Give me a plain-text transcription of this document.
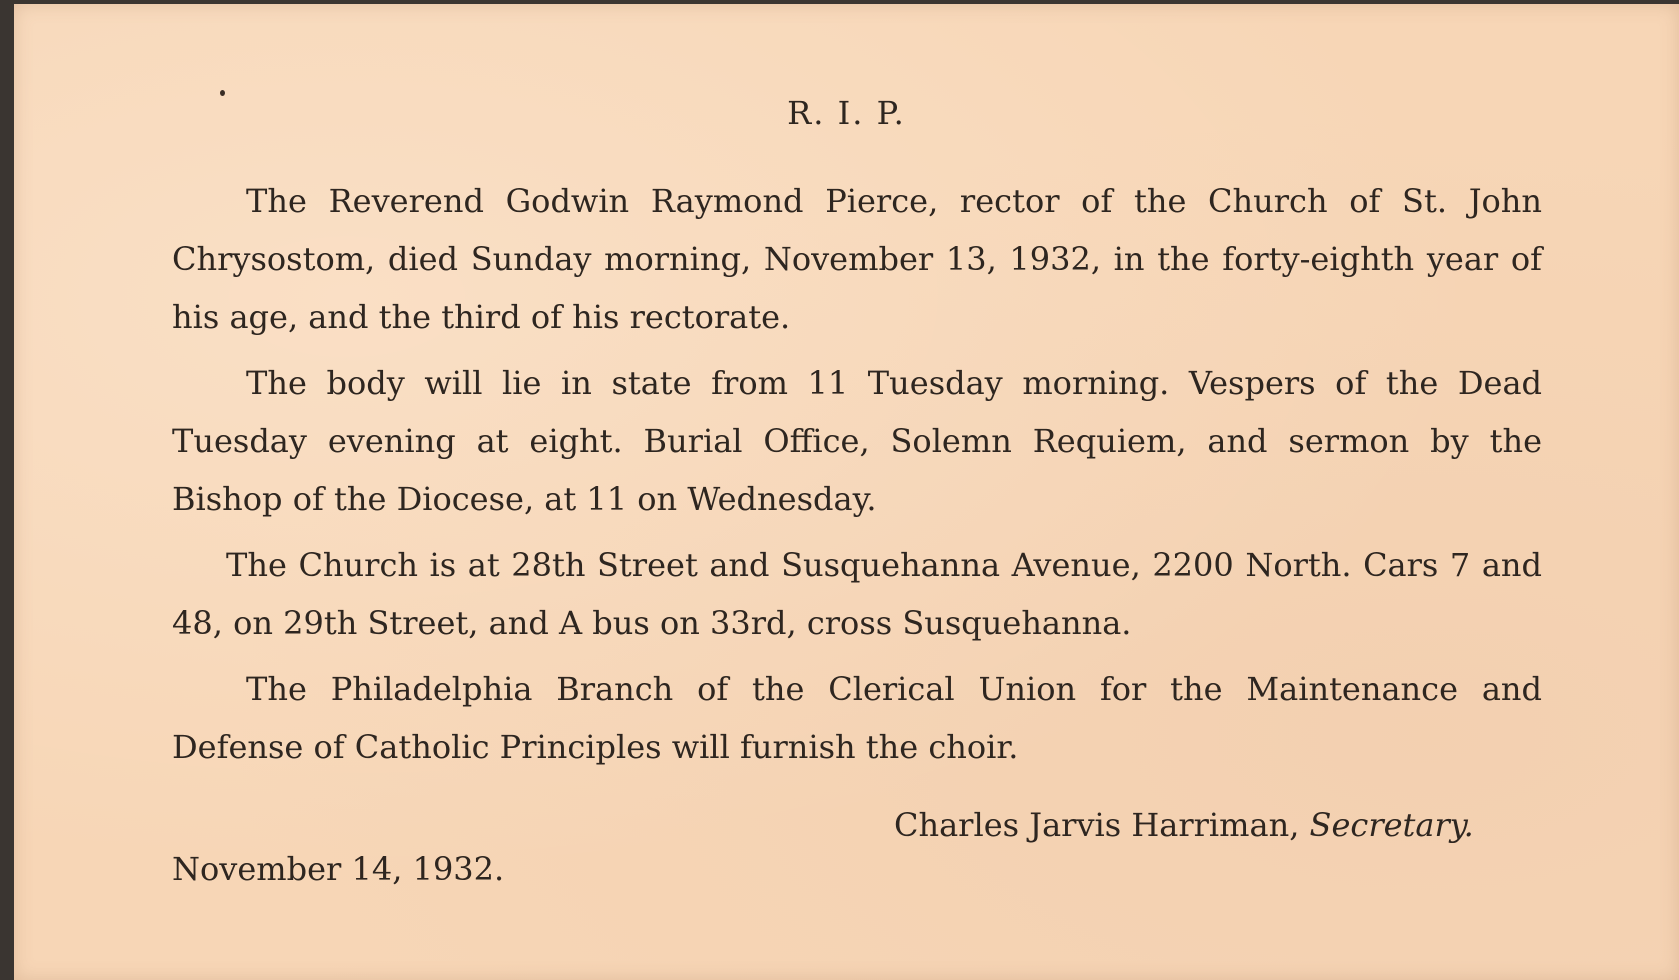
R. I. P.

The Reverend Godwin Raymond Pierce, rector of the Church of St. John Chrysostom, died Sunday morning, November 13, 1932, in the forty-eighth year of his age, and the third of his rectorate.

The body will lie in state from 11 Tuesday morning. Vespers of the Dead Tuesday evening at eight. Burial Office, Solemn Requiem, and sermon by the Bishop of the Diocese, at 11 on Wednesday.

The Church is at 28th Street and Susquehanna Avenue, 2200 North. Cars 7 and 48, on 29th Street, and A bus on 33rd, cross Susquehanna.

The Philadelphia Branch of the Clerical Union for the Maintenance and Defense of Catholic Principles will furnish the choir.

Charles Jarvis Harriman, Secretary.
November 14, 1932.
